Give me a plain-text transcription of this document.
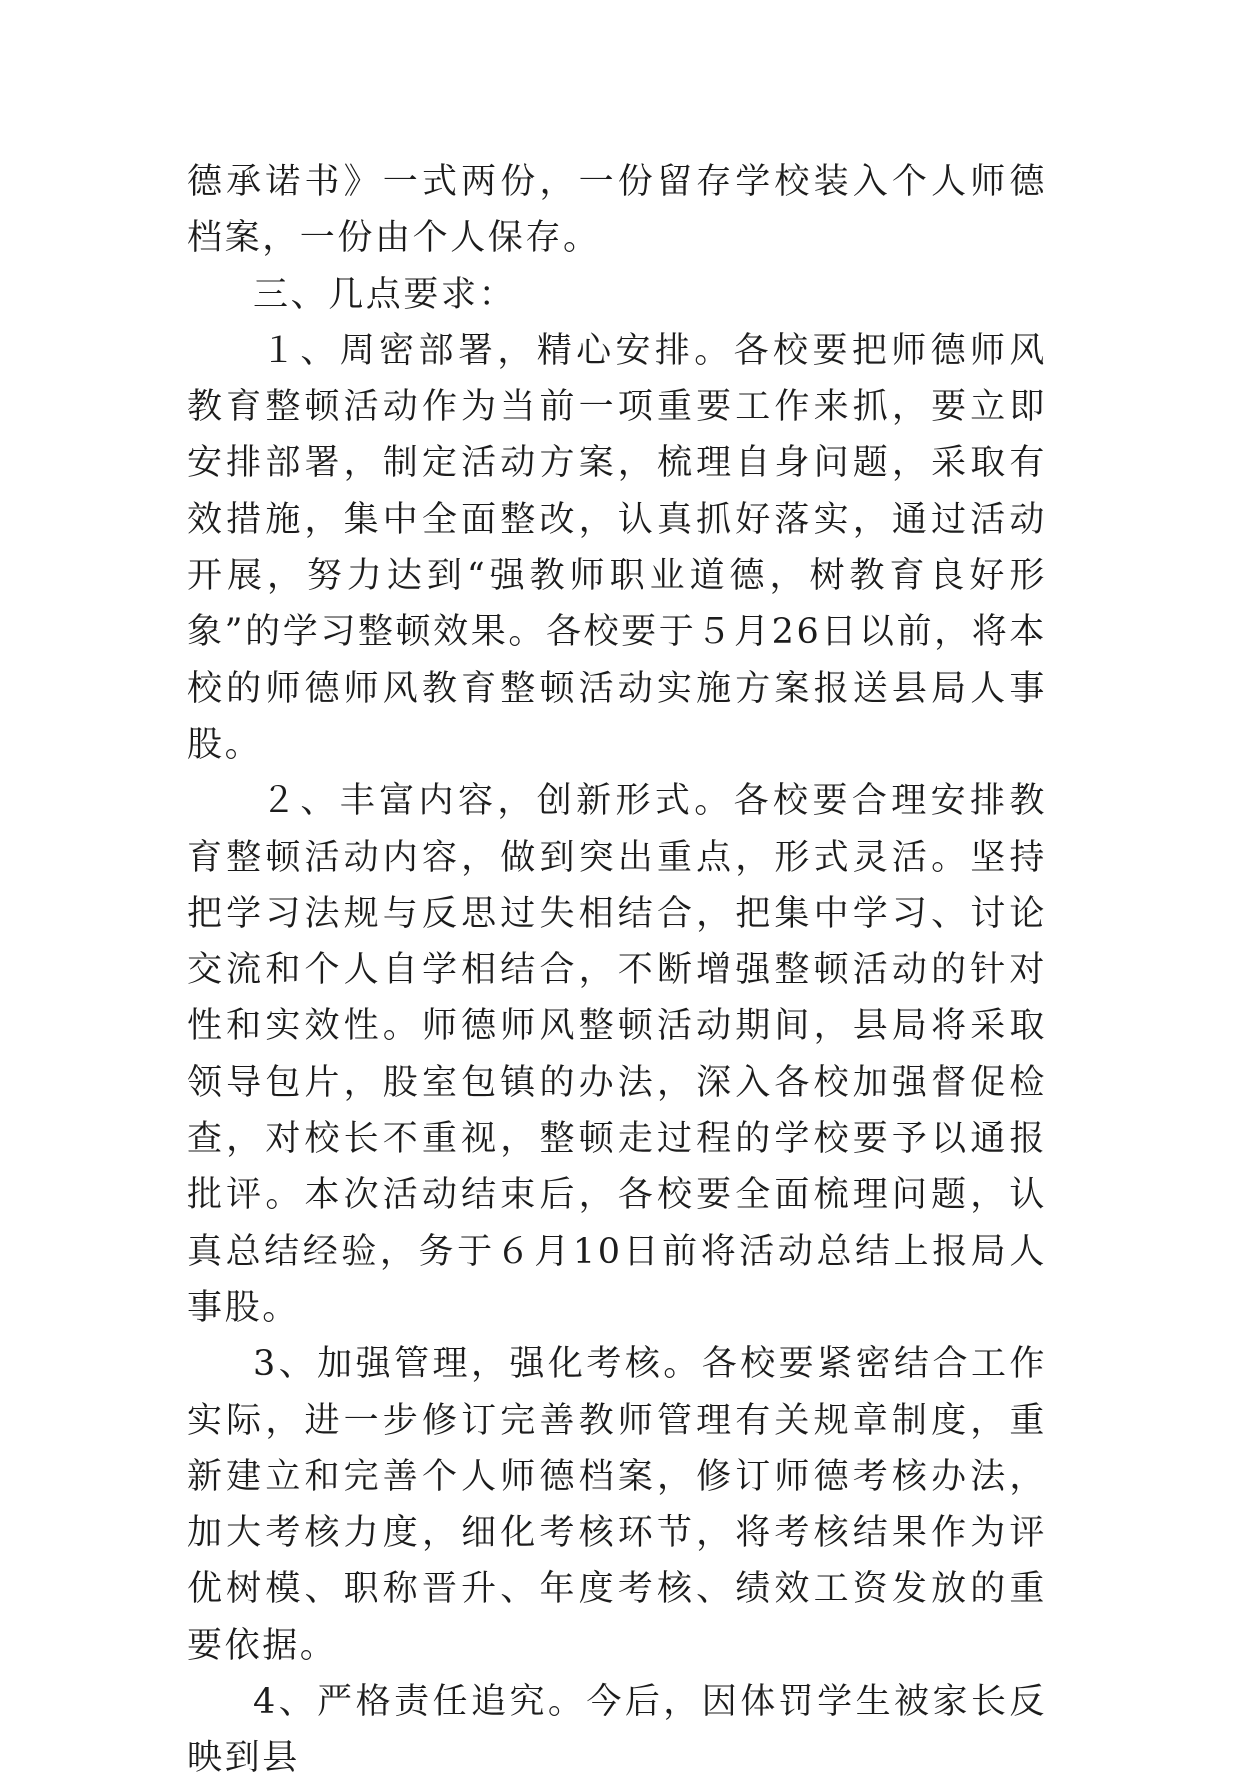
德承诺书》一式两份，一份留存学校装入个人师德档案，一份由个人保存。

三、几点要求：

１、周密部署，精心安排。各校要把师德师风教育整顿活动作为当前一项重要工作来抓，要立即安排部署，制定活动方案，梳理自身问题，采取有效措施，集中全面整改，认真抓好落实，通过活动开展，努力达到“强教师职业道德，树教育良好形象”的学习整顿效果。各校要于５月26日以前，将本校的师德师风教育整顿活动实施方案报送县局人事股。

２、丰富内容，创新形式。各校要合理安排教育整顿活动内容，做到突出重点，形式灵活。坚持把学习法规与反思过失相结合，把集中学习、讨论交流和个人自学相结合，不断增强整顿活动的针对性和实效性。师德师风整顿活动期间，县局将采取领导包片，股室包镇的办法，深入各校加强督促检查，对校长不重视，整顿走过程的学校要予以通报批评。本次活动结束后，各校要全面梳理问题，认真总结经验，务于６月10日前将活动总结上报局人事股。

3、加强管理，强化考核。各校要紧密结合工作实际，进一步修订完善教师管理有关规章制度，重新建立和完善个人师德档案，修订师德考核办法，加大考核力度，细化考核环节，将考核结果作为评优树模、职称晋升、年度考核、绩效工资发放的重要依据。

4、严格责任追究。今后，因体罚学生被家长反映到县
